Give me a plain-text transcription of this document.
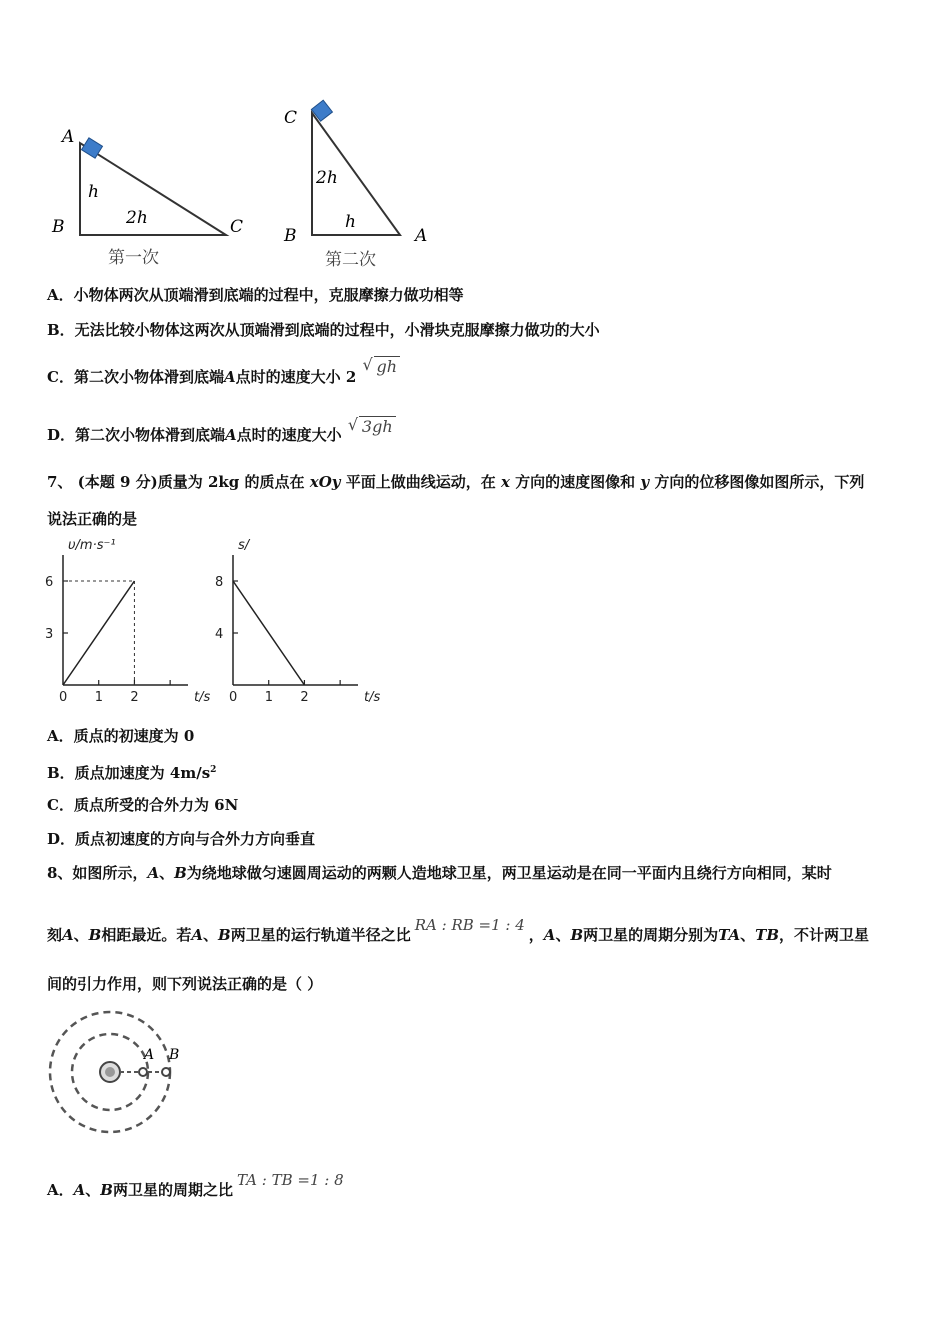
A
B	C
h
2h
第一次
C
B	A
2h
h
第二次
A．小物体两次从顶端滑到底端的过程中，克服摩擦力做功相等
B．无法比较小物体这两次从顶端滑到底端的过程中，小滑块克服摩擦力做功的大小
C．第二次小物体滑到底端A点时的速度大小 2
√ gh
D．第二次小物体滑到底端A点时的速度大小
√ 3gh
7、 (本题 9 分)质量为 2kg 的质点在 xOy 平面上做曲线运动，在 x 方向的速度图像和 y 方向的位移图像如图所示，下列
说法正确的是
0 1 2
3
6
υ/m·s⁻¹
t/s 0 1 2
4
8
s/
t/s
A．质点的初速度为 0
B．质点加速度为 $4m/s^2$
C．质点所受的合外力为 6N
D．质点初速度的方向与合外力方向垂直
8、如图所示，A、B为绕地球做匀速圆周运动的两颗人造地球卫星，两卫星运动是在同一平面内且绕行方向相同，某时
刻A、B相距最近。若A、B两卫星的运行轨道半径之比RA : RB =1 : 4，A、B两卫星的周期分别为TA、TB，不计两卫星
间的引力作用，则下列说法正确的是（ ）
A B
A．A、B两卫星的周期之比TA : TB =1 : 8
